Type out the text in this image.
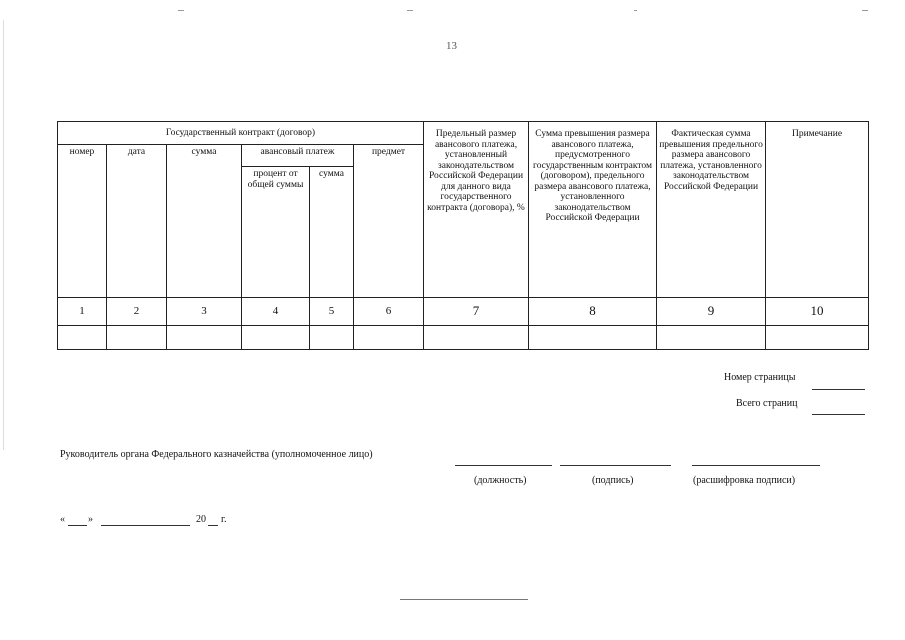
13
Государственный контракт (договор)						Предельный размер авансового платежа, установленный законодательством Российской Федерации для данного вида государственного контракта (договора), %	Сумма превышения размера авансового платежа, предусмотренного государственным контрактом (договором), предельного размера авансового платежа, установленного законодательством Российской Федерации	Фактическая сумма превышения предельного размера авансового платежа, установленного законодательством Российской Федерации	Примечание
номер	дата	сумма	авансовый платеж		предмет				
			процент от общей суммы	сумма					
1	2	3	4	5	6	7	8	9	10

Номер страницы
Всего страниц
Руководитель органа Федерального казначейства (уполномоченное лицо)
(должность)	(подпись)	(расшифровка подписи)
« »	20 г.
